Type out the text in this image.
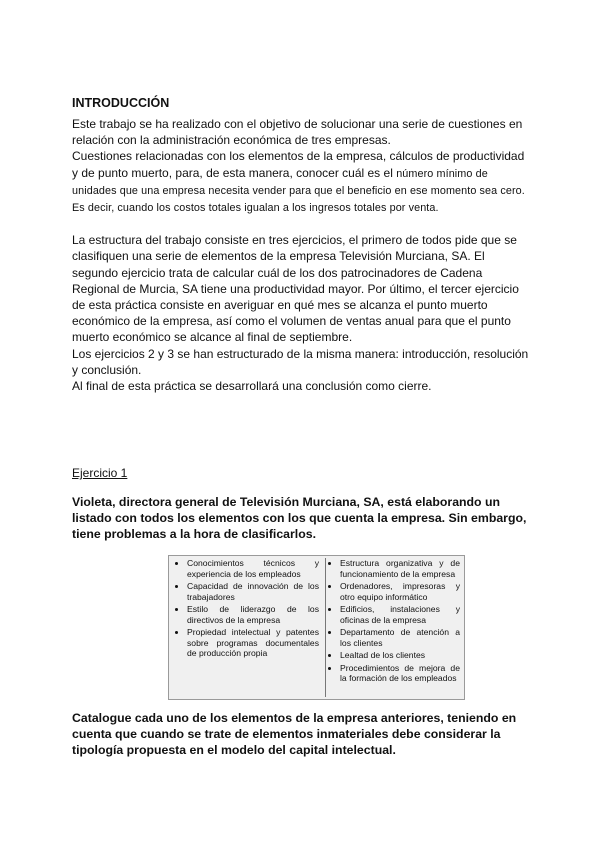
INTRODUCCIÓN

Este trabajo se ha realizado con el objetivo de solucionar una serie de cuestiones en relación con la administración económica de tres empresas.

Cuestiones relacionadas con los elementos de la empresa, cálculos de productividad y de punto muerto, para, de esta manera, conocer cuál es el número mínimo de unidades que una empresa necesita vender para que el beneficio en ese momento sea cero. Es decir, cuando los costos totales igualan a los ingresos totales por venta.

La estructura del trabajo consiste en tres ejercicios, el primero de todos pide que se clasifiquen una serie de elementos de la empresa Televisión Murciana, SA. El segundo ejercicio trata de calcular cuál de los dos patrocinadores de Cadena Regional de Murcia, SA tiene una productividad mayor. Por último, el tercer ejercicio de esta práctica consiste en averiguar en qué mes se alcanza el punto muerto económico de la empresa, así como el volumen de ventas anual para que el punto muerto económico se alcance al final de septiembre.

Los ejercicios 2 y 3 se han estructurado de la misma manera: introducción, resolución y conclusión.

Al final de esta práctica se desarrollará una conclusión como cierre.

Ejercicio 1
Violeta, directora general de Televisión Murciana, SA, está elaborando un listado con todos los elementos con los que cuenta la empresa. Sin embargo, tiene problemas a la hora de clasificarlos.
• Conocimientos técnicos y experiencia de los empleados
• Capacidad de innovación de los trabajadores
• Estilo de liderazgo de los directivos de la empresa
• Propiedad intelectual y patentes sobre programas documentales de producción propia
• Estructura organizativa y de funcionamiento de la empresa
• Ordenadores, impresoras y otro equipo informático
• Edificios, instalaciones y oficinas de la empresa
• Departamento de atención a los clientes
• Lealtad de los clientes
• Procedimientos de mejora de la formación de los empleados
Catalogue cada uno de los elementos de la empresa anteriores, teniendo en cuenta que cuando se trate de elementos inmateriales debe considerar la tipología propuesta en el modelo del capital intelectual.
